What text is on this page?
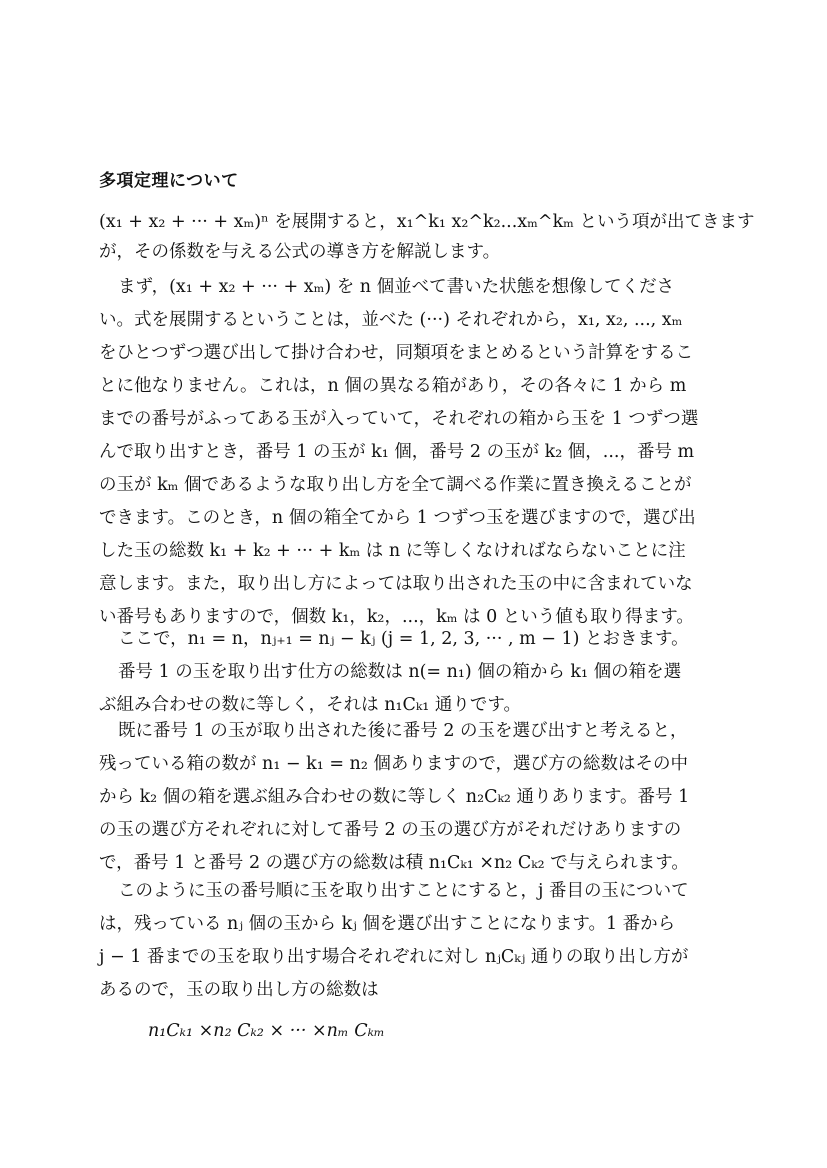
多項定理について
(x₁ + x₂ + ··· + xₘ)ⁿ を展開すると，x₁^k₁ x₂^k₂...xₘ^kₘ という項が出てきます
が，その係数を与える公式の導き方を解説します。
まず，(x₁ + x₂ + ··· + xₘ) を n 個並べて書いた状態を想像してくださ
い。式を展開するということは，並べた (···) それぞれから，x₁, x₂, ..., xₘ
をひとつずつ選び出して掛け合わせ，同類項をまとめるという計算をするこ
とに他なりません。これは，n 個の異なる箱があり，その各々に 1 から m
までの番号がふってある玉が入っていて，それぞれの箱から玉を 1 つずつ選
んで取り出すとき，番号 1 の玉が k₁ 個，番号 2 の玉が k₂ 個，...，番号 m
の玉が kₘ 個であるような取り出し方を全て調べる作業に置き換えることが
できます。このとき，n 個の箱全てから 1 つずつ玉を選びますので，選び出
した玉の総数 k₁ + k₂ + ··· + kₘ は n に等しくなければならないことに注
意します。また，取り出し方によっては取り出された玉の中に含まれていな
い番号もありますので，個数 k₁，k₂，...，kₘ は 0 という値も取り得ます。
ここで，n₁ = n，nⱼ₊₁ = nⱼ − kⱼ (j = 1, 2, 3, ··· , m − 1) とおきます。
番号 1 の玉を取り出す仕方の総数は n(= n₁) 個の箱から k₁ 個の箱を選
ぶ組み合わせの数に等しく，それは n₁Cₖ₁ 通りです。
既に番号 1 の玉が取り出された後に番号 2 の玉を選び出すと考えると，
残っている箱の数が n₁ − k₁ = n₂ 個ありますので，選び方の総数はその中
から k₂ 個の箱を選ぶ組み合わせの数に等しく n₂Cₖ₂ 通りあります。番号 1
の玉の選び方それぞれに対して番号 2 の玉の選び方がそれだけありますの
で，番号 1 と番号 2 の選び方の総数は積 n₁Cₖ₁ ×n₂ Cₖ₂ で与えられます。
このように玉の番号順に玉を取り出すことにすると，j 番目の玉について
は，残っている nⱼ 個の玉から kⱼ 個を選び出すことになります。1 番から
j − 1 番までの玉を取り出す場合それぞれに対し nⱼCₖⱼ 通りの取り出し方が
あるので，玉の取り出し方の総数は
n₁Cₖ₁ ×n₂ Cₖ₂ × ··· ×nₘ Cₖₘ
